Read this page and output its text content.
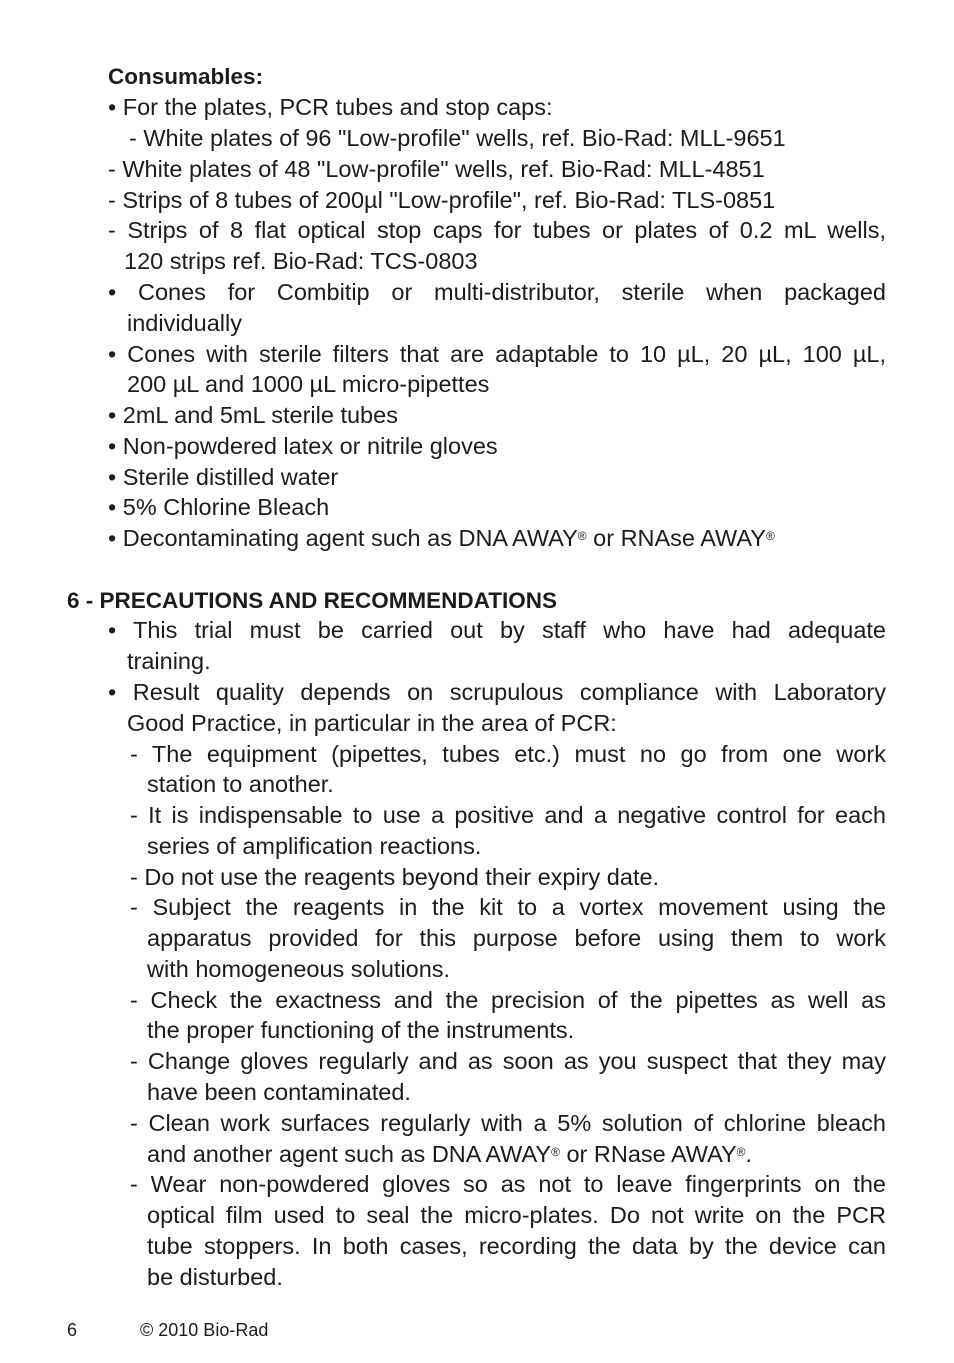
Consumables:
• For the plates, PCR tubes and stop caps:
- White plates of 96 "Low-profile" wells, ref. Bio-Rad: MLL-9651
- White plates of 48 "Low-profile" wells, ref. Bio-Rad: MLL-4851
- Strips of 8 tubes of 200µl "Low-profile", ref. Bio-Rad: TLS-0851
- Strips of 8 flat optical stop caps for tubes or plates of 0.2 mL wells,
120 strips ref. Bio-Rad: TCS-0803
• Cones for Combitip or multi-distributor, sterile when packaged
individually
• Cones with sterile filters that are adaptable to 10 µL, 20 µL, 100 µL,
200 µL and 1000 µL micro-pipettes
• 2mL and 5mL sterile tubes
• Non-powdered latex or nitrile gloves
• Sterile distilled water
• 5% Chlorine Bleach
• Decontaminating agent such as DNA AWAY® or RNAse AWAY®
6 - PRECAUTIONS AND RECOMMENDATIONS
• This trial must be carried out by staff who have had adequate
training.
• Result quality depends on scrupulous compliance with Laboratory
Good Practice, in particular in the area of PCR:
- The equipment (pipettes, tubes etc.) must no go from one work
station to another.
- It is indispensable to use a positive and a negative control for each
series of amplification reactions.
- Do not use the reagents beyond their expiry date.
- Subject the reagents in the kit to a vortex movement using the
apparatus provided for this purpose before using them to work
with homogeneous solutions.
- Check the exactness and the precision of the pipettes as well as
the proper functioning of the instruments.
- Change gloves regularly and as soon as you suspect that they may
have been contaminated.
- Clean work surfaces regularly with a 5% solution of chlorine bleach
and another agent such as DNA AWAY® or RNase AWAY®.
- Wear non-powdered gloves so as not to leave fingerprints on the
optical film used to seal the micro-plates. Do not write on the PCR
tube stoppers. In both cases, recording the data by the device can
be disturbed.
6	© 2010 Bio-Rad
